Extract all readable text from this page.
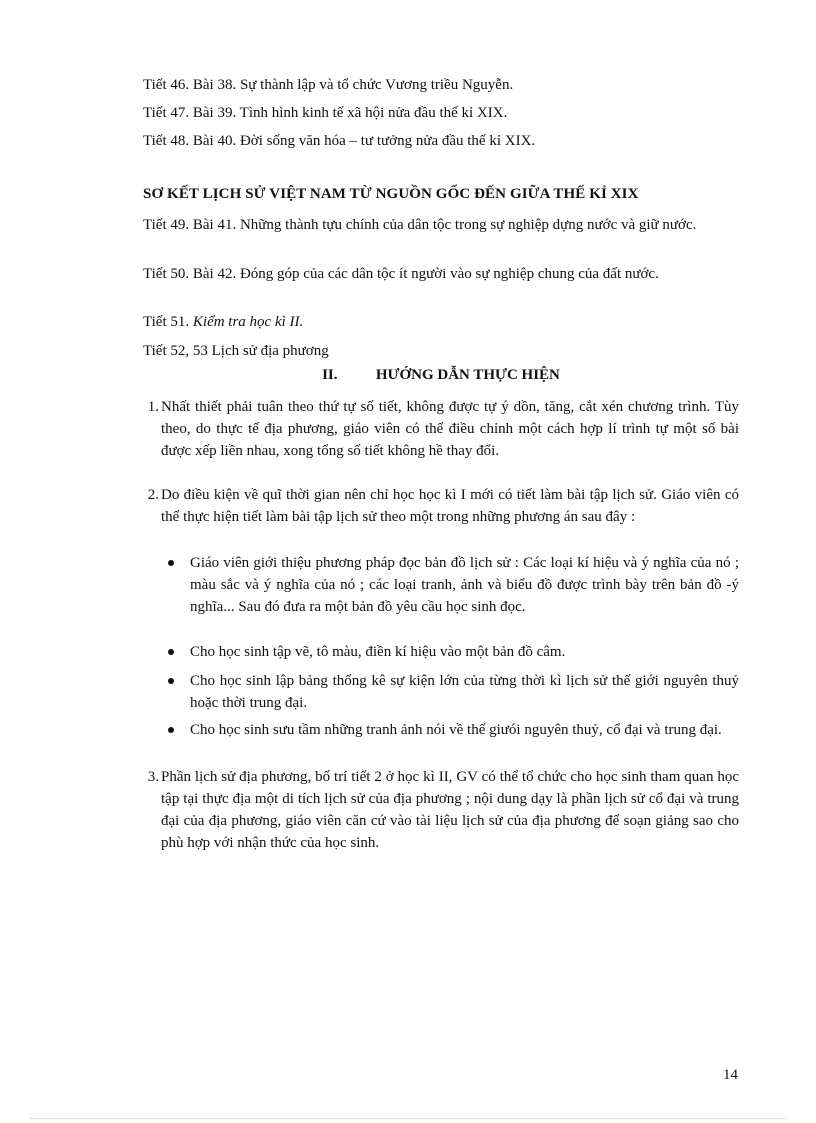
Tiết 46. Bài 38. Sự thành lập và tổ chức Vương triều Nguyễn.
Tiết 47. Bài 39. Tình hình kinh tế xã hội nửa đầu thế kỉ XIX.
Tiết 48. Bài 40. Đời sống văn hóa – tư tưởng nửa đầu thế kỉ XIX.
SƠ KẾT LỊCH SỬ VIỆT NAM TỪ NGUỒN GỐC ĐẾN GIỮA THẾ KỈ XIX
Tiết 49. Bài 41. Những thành tựu chính của dân tộc trong sự nghiệp dựng nước và giữ nước.
Tiết 50. Bài 42. Đóng góp của các dân tộc ít người vào sự nghiệp chung của đất nước.
Tiết 51. Kiểm tra học kì II.
Tiết 52, 53 Lịch sử địa phương
II.	HƯỚNG DẪN THỰC HIỆN
1. Nhất thiết phải tuân theo thứ tự số tiết, không được tự ý dồn, tăng, cắt xén chương trình. Tùy theo, do thực tế địa phương, giáo viên có thể điều chỉnh một cách hợp lí trình tự một số bài được xếp liền nhau, xong tổng số tiết không hề thay đổi.
2. Do điều kiện về quĩ thời gian nên chỉ học học kì I mới có tiết làm bài tập lịch sử. Giáo viên có thể thực hiện tiết làm bài tập lịch sử theo một trong những phương án sau đây :
Giáo viên giới thiệu phương pháp đọc bản đồ lịch sử : Các loại kí hiệu và ý nghĩa của nó ; màu sắc và ý nghĩa của nó ; các loại tranh, ảnh và biểu đồ được trình bày trên bản đồ -ý nghĩa... Sau đó đưa ra một bản đồ yêu cầu học sinh đọc.
Cho học sinh tập vẽ, tô màu, điền kí hiệu vào một bản đồ câm.
Cho học sinh lập bảng thống kê sự kiện lớn của từng thời kì lịch sử thế giới nguyên thuỷ hoặc thời trung đại.
Cho học sinh sưu tầm những tranh ảnh nói về thế giưói nguyên thuỷ, cổ đại và trung đại.
3. Phần lịch sử địa phương, bố trí tiết 2 ở học kì II, GV có thể tổ chức cho học sinh tham quan học tập tại thực địa một di tích lịch sử của địa phương ; nội dung dạy là phần lịch sử cổ đại và trung đại của địa phương, giáo viên căn cứ vào tài liệu lịch sử của địa phương để soạn giảng sao cho phù hợp với nhận thức của học sinh.
14
